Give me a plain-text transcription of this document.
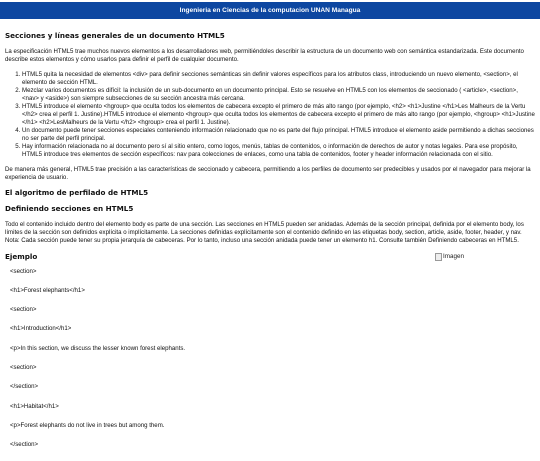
Ingenieria en Ciencias de la computacion UNAN Managua
Secciones y líneas generales de un documento HTML5

La especificación HTML5 trae muchos nuevos elementos a los desarrolladores web, permitiéndoles describir la estructura de un documento web con semántica estandarizada. Este documento describe estos elementos y cómo usarlos para definir el perfil de cualquier documento.

1. HTML5 quita la necesidad de elementos <div> para definir secciones semánticas sin definir valores específicos para los atributos class, introduciendo un nuevo elemento, <section>, el elemento de sección HTML.
2. Mezclar varios documentos es difícil: la inclusión de un sub-documento en un documento principal. Esto se resuelve en HTML5 con los elementos de seccionado ( <article>, <section>, <nav> y <aside>) son siempre subsecciones de su sección ancestra más cercana.
3. HTML5 introduce el elemento <hgroup> que oculta todos los elementos de cabecera excepto el primero de más alto rango (por ejemplo, <h2> <h1>Justine </h1>Les Malheurs de la Vertu </h2> crea el perfil 1. Justine).HTML5 introduce el elemento <hgroup> que oculta todos los elementos de cabecera excepto el primero de más alto rango (por ejemplo, <hgroup> <h1>Justine </h1> <h2>LesMalheurs de la Vertu </h2> <hgroup> crea el perfil 1. Justine).
4. Un documento puede tener secciones especiales conteniendo información relacionado que no es parte del flujo principal. HTML5 introduce el elemento aside permitiendo a dichas secciones no ser parte del perfil principal.
5. Hay información relacionada no al documento pero sí al sitio entero, como logos, menús, tablas de contenidos, o información de derechos de autor y notas legales. Para ese propósito, HTML5 introduce tres elementos de sección específicos: nav para colecciones de enlaces, como una tabla de contenidos, footer y header información relacionada con el sitio.

De manera más general, HTML5 trae precisión a las características de seccionado y cabecera, permitiendo a los perfiles de documento ser predecibles y usados por el navegador para mejorar la experiencia de usuario.

El algoritmo de perfilado de HTML5
Definiendo secciones en HTML5

Todo el contenido incluido dentro del elemento body es parte de una sección. Las secciones en HTML5 pueden ser anidadas. Además de la sección principal, definida por el elemento body, los límites de la sección son definidos explícita o implícitamente. La secciones definidas explícitamente son el contenido definido en las etiquetas body, section, article, aside, footer, header, y nav. Nota: Cada sección puede tener su propia jerarquía de cabeceras. Por lo tanto, incluso una sección anidada puede tener un elemento h1. Consulte también Definiendo cabeceras en HTML5.

Ejemplo	Imagen
<section>
<h1>Forest elephants</h1>
<section>
<h1>Introduction</h1>
<p>In this section, we discuss the lesser known forest elephants.
<section>
</section>
<h1>Habitat</h1>
<p>Forest elephants do not live in trees but among them.
</section>
